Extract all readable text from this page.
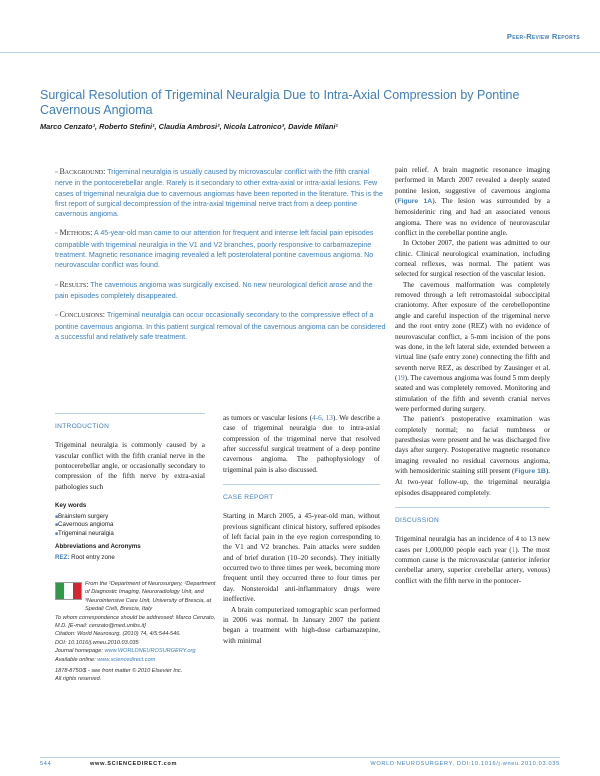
Peer-Review Reports
Surgical Resolution of Trigeminal Neuralgia Due to Intra-Axial Compression by Pontine Cavernous Angioma
Marco Cenzato¹, Roberto Stefini¹, Claudia Ambrosi², Nicola Latronico³, Davide Milani¹

▫ Background: Trigeminal neuralgia is usually caused by microvascular conflict with the fifth cranial nerve in the pontocerebellar angle. Rarely is it secondary to other extra-axial or intra-axial lesions. Few cases of trigeminal neuralgia due to cavernous angiomas have been reported in the literature. This is the first report of surgical decompression of the intra-axial trigeminal nerve tract from a deep pontine cavernous angioma.

▫ Methods: A 45-year-old man came to our attention for frequent and intense left facial pain episodes compatible with trigeminal neuralgia in the V1 and V2 branches, poorly responsive to carbamazepine treatment. Magnetic resonance imaging revealed a left posterolateral pontine cavernous angioma. No neurovascular conflict was found.

▫ Results: The cavernous angioma was surgically excised. No new neurological deficit arose and the pain episodes completely disappeared.

▫ Conclusions: Trigeminal neuralgia can occur occasionally secondary to the compressive effect of a pontine cavernous angioma. In this patient surgical removal of the cavernous angioma can be considered a successful and relatively safe treatment.

INTRODUCTION

Trigeminal neuralgia is commonly caused by a vascular conflict with the fifth cranial nerve in the pontocerebellar angle, or occasionally secondary to compression of the fifth nerve by extra-axial pathologies such

Key words
■ Brainstem surgery
■ Cavernous angioma
■ Trigeminal neuralgia
Abbreviations and Acronyms
REZ: Root entry zone
From the ¹Department of Neurosurgery, ²Department of Diagnostic Imaging, Neuroradiology Unit, and ³Neurointensive Care Unit, University of Brescia, at Spedali Civili, Brescia, Italy
To whom correspondence should be addressed: Marco Cenzato, M.D. [E-mail: cenzato@med.unibs.it]
Citation: World Neurosurg. (2010) 74, 4/5:544-546.
DOI: 10.1016/j.wneu.2010.03.035
Journal homepage: www.WORLDNEUROSURGERY.org
Available online: www.sciencedirect.com
1878-8750/$ - see front matter © 2010 Elsevier Inc.
All rights reserved.

as tumors or vascular lesions (4-6, 13). We describe a case of trigeminal neuralgia due to intra-axial compression of the trigeminal nerve that resolved after successful surgical treatment of a deep pontine cavernous angioma. The pathophysiology of trigeminal pain is also discussed.

CASE REPORT

Starting in March 2005, a 45-year-old man, without previous significant clinical history, suffered episodes of left facial pain in the eye region corresponding to the V1 and V2 branches. Pain attacks were sudden and of brief duration (10–20 seconds). They initially occurred two to three times per week, becoming more frequent until they occurred three to four times per day. Nonsteroidal anti-inflammatory drugs were ineffective.

A brain computerized tomographic scan performed in 2006 was normal. In January 2007 the patient began a treatment with high-dose carbamazepine, with minimal

pain relief. A brain magnetic resonance imaging performed in March 2007 revealed a deeply seated pontine lesion, suggestive of cavernous angioma (Figure 1A). The lesion was surrounded by a hemosiderinic ring and had an associated venous angioma. There was no evidence of neurovascular conflict in the cerebellar pontine angle.

In October 2007, the patient was admitted to our clinic. Clinical neurological examination, including corneal reflexes, was normal. The patient was selected for surgical resection of the vascular lesion.

The cavernous malformation was completely removed through a left retromastoidal suboccipital craniotomy. After exposure of the cerebellopontine angle and careful inspection of the trigeminal nerve and the root entry zone (REZ) with no evidence of neurovascular conflict, a 5-mm incision of the pons was done, in the left lateral side, extended between a virtual line (safe entry zone) connecting the fifth and seventh nerve REZ, as described by Zausinger et al. (19). The cavernous angioma was found 5 mm deeply seated and was completely removed. Monitoring and stimulation of the fifth and seventh cranial nerves were performed during surgery.

The patient's postoperative examination was completely normal; no facial numbness or paresthesias were present and he was discharged five days after surgery. Postoperative magnetic resonance imaging revealed no residual cavernous angioma, with hemosiderinic staining still present (Figure 1B). At two-year follow-up, the trigeminal neuralgia episodes disappeared completely.

DISCUSSION

Trigeminal neuralgia has an incidence of 4 to 13 new cases per 1,000,000 people each year (1). The most common cause is the microvascular (anterior inferior cerebellar artery, superior cerebellar artery, venous) conflict with the fifth nerve in the pontocer-

544	www.SCIENCEDIRECT.com	WORLD NEUROSURGERY, DOI:10.1016/j.wneu.2010.03.035
